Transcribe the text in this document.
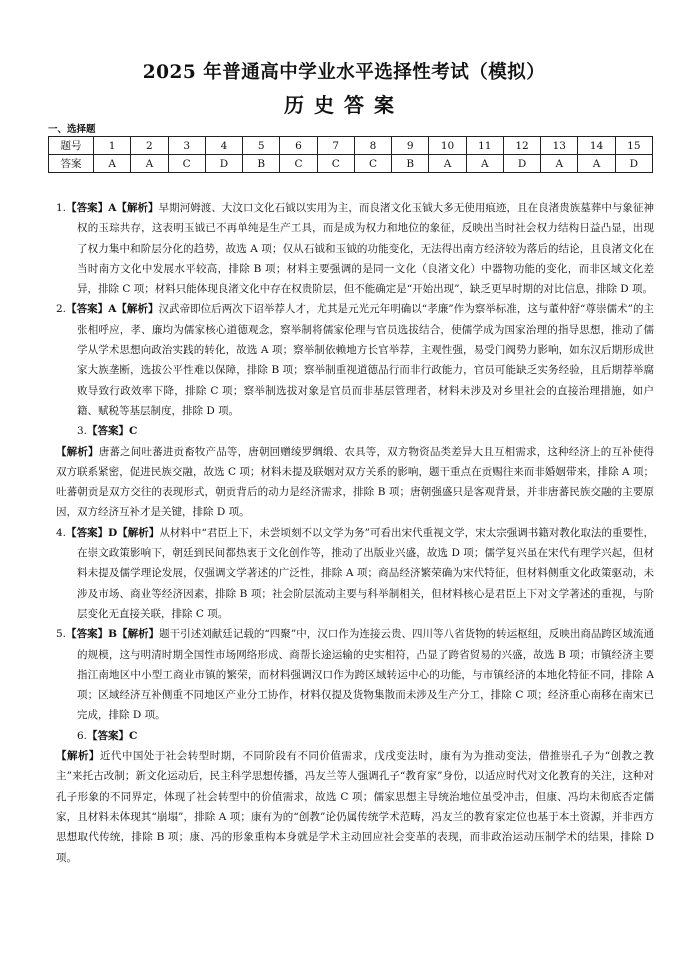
2025 年普通高中学业水平选择性考试（模拟）
历史答案
一、选择题
题号	1	2	3	4	5	6	7	8	9	10	11	12	13	14	15
答案	A	A	C	D	B	C	C	C	B	A	A	D	A	A	D
1.【答案】A【解析】早期河姆渡、大汶口文化石钺以实用为主，而良渚文化玉钺大多无使用痕迹，且在良渚贵族墓葬中与象征神权的玉琮共存，这表明玉钺已不再单纯是生产工具，而是成为权力和地位的象征，反映出当时社会权力结构日益凸显，出现了权力集中和阶层分化的趋势，故选 A 项；仅从石钺和玉钺的功能变化，无法得出南方经济较为落后的结论，且良渚文化在当时南方文化中发展水平较高，排除 B 项；材料主要强调的是同一文化（良渚文化）中器物功能的变化，而非区域文化差异，排除 C 项；材料只能体现良渚文化中存在权贵阶层，但不能确定是“开始出现”，缺乏更早时期的对比信息，排除 D 项。
2.【答案】A【解析】汉武帝即位后两次下诏举荐人才，尤其是元光元年明确以“孝廉”作为察举标准，这与董仲舒“尊崇儒术”的主张相呼应，孝、廉均为儒家核心道德观念，察举制将儒家伦理与官员选拔结合，使儒学成为国家治理的指导思想，推动了儒学从学术思想向政治实践的转化，故选 A 项；察举制依赖地方长官举荐，主观性强，易受门阀势力影响，如东汉后期形成世家大族垄断，选拔公平性难以保障，排除 B 项；察举制重视道德品行而非行政能力，官员可能缺乏实务经验，且后期荐举腐败导致行政效率下降，排除 C 项；察举制选拔对象是官员而非基层管理者，材料未涉及对乡里社会的直接治理措施，如户籍、赋税等基层制度，排除 D 项。
3.【答案】C
【解析】唐蕃之间吐蕃进贡畜牧产品等，唐朝回赠绫罗绸缎、农具等，双方物资品类差异大且互相需求，这种经济上的互补使得双方联系紧密，促进民族交融，故选 C 项；材料未提及联姻对双方关系的影响，题干重点在贡赐往来而非婚姻带来，排除 A 项；吐蕃朝贡是双方交往的表现形式，朝贡背后的动力是经济需求，排除 B 项；唐朝强盛只是客观背景，并非唐蕃民族交融的主要原因，双方经济互补才是关键，排除 D 项。
4.【答案】D【解析】从材料中“君臣上下，未尝顷刻不以文学为务”可看出宋代重视文学，宋太宗强调书籍对教化取法的重要性，在崇文政策影响下，朝廷到民间都热衷于文化创作等，推动了出版业兴盛，故选 D 项；儒学复兴虽在宋代有理学兴起，但材料未提及儒学理论发展，仅强调文学著述的广泛性，排除 A 项；商品经济繁荣确为宋代特征，但材料侧重文化政策驱动，未涉及市场、商业等经济因素，排除 B 项；社会阶层流动主要与科举制相关，但材料核心是君臣上下对文学著述的重视，与阶层变化无直接关联，排除 C 项。
5.【答案】B【解析】题干引述刘献廷记载的“四聚”中，汉口作为连接云贵、四川等八省货物的转运枢纽，反映出商品跨区域流通的规模，这与明清时期全国性市场网络形成、商帮长途运输的史实相符，凸显了跨省贸易的兴盛，故选 B 项；市镇经济主要指江南地区中小型工商业市镇的繁荣，而材料强调汉口作为跨区域转运中心的功能，与市镇经济的本地化特征不同，排除 A 项；区域经济互补侧重不同地区产业分工协作，材料仅提及货物集散而未涉及生产分工，排除 C 项；经济重心南移在南宋已完成，排除 D 项。
6.【答案】C
【解析】近代中国处于社会转型时期，不同阶段有不同价值需求，戊戌变法时，康有为为推动变法，借推崇孔子为“创教之教主”来托古改制；新文化运动后，民主科学思想传播，冯友兰等人强调孔子“教育家”身份，以适应时代对文化教育的关注，这种对孔子形象的不同界定，体现了社会转型中的价值需求，故选 C 项；儒家思想主导统治地位虽受冲击，但康、冯均未彻底否定儒家，且材料未体现其“崩塌”，排除 A 项；康有为的“创教”论仍属传统学术范畴，冯友兰的教育家定位也基于本土资源，并非西方思想取代传统，排除 B 项；康、冯的形象重构本身就是学术主动回应社会变革的表现，而非政治运动压制学术的结果，排除 D 项。
